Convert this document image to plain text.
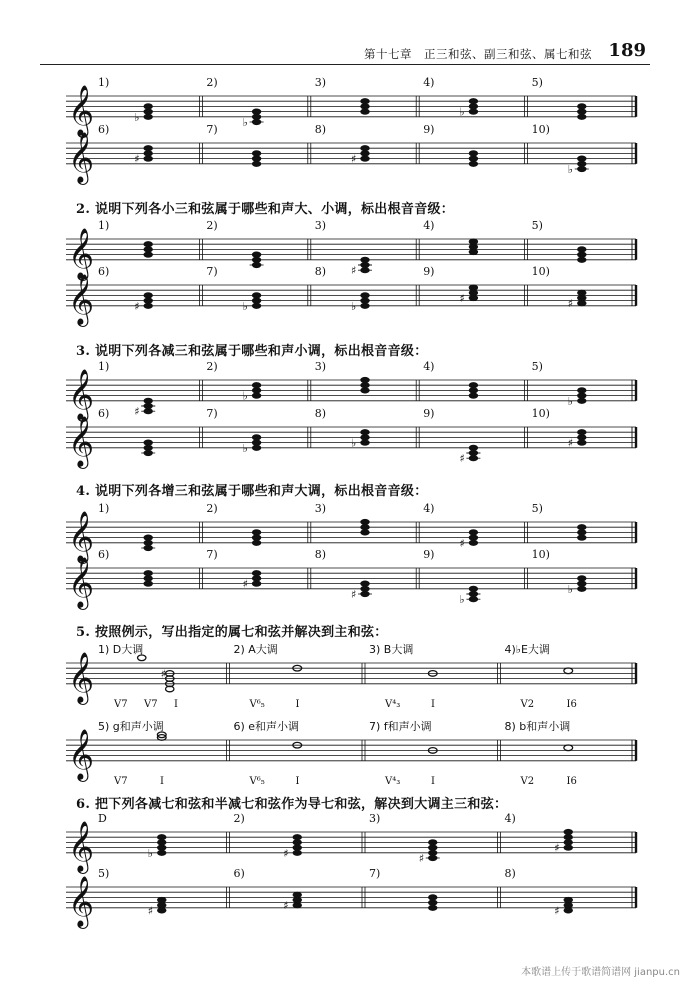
第十七章　正三和弦、副三和弦、属七和弦 189
2. 说明下列各小三和弦属于哪些和声大、小调，标出根音音级：
3. 说明下列各减三和弦属于哪些和声小调，标出根音音级：
4. 说明下列各增三和弦属于哪些和声大调，标出根音音级：
5. 按照例示，写出指定的属七和弦并解决到主和弦：
6. 把下列各减七和弦和半减七和弦作为导七和弦，解决到大调主三和弦：
𝄞
1)
♭
2)
♭
3)	4)
♭
5)
𝄞
6)
♯
7)	8)
♯
9)	10)
♭
𝄞
1)	2)	3)
♯
4)	5)
𝄞
6)
♯
7)
♭
8)
♭
9)
♯
10)
♯
𝄞
1)
♯
2)
♭
3)	4)	5)
♭
𝄞
6)	7)
♭
8)
♭
9)
♯
10)
♯
𝄞
1)	2)	3)	4)
♯
5)
𝄞
6)	7)
♯
8)
♯
9)
♭
10)
♭
𝄞
1) D大调
♯
V7 V7 I
2) A大调
V⁶₅	I
3) B大调
V⁴₃	I
4)♭E大调
V2	I6
𝄞
5) g和声小调
V7	I
6) e和声小调
V⁶₅	I
7) f和声小调
V⁴₃	I
8) b和声小调
V2	I6
𝄞
D
♭
2)
♯
3)
♯
4)
♯
𝄞
5)
♯
6)
♯
7)	8)
♯
本歌谱上传于歌谱简谱网 jianpu.cn
